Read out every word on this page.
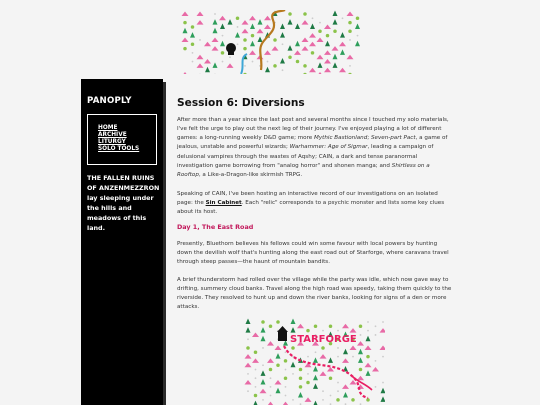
PANOPLY
HOME
ARCHIVE
LITURGY
SOLO TOOLS
THE FALLEN RUINS OF ANZENMEZZRON lay sleeping under the hills and meadows of this land.
Session 6: Diversions

After more than a year since the last post and several months since I touched my solo materials, I've felt the urge to play out the next leg of their journey. I've enjoyed playing a lot of different games: a long-running weekly D&D game; more Mythic Bastionland; Seven-part Pact, a game of jealous, unstable and powerful wizards; Warhammer: Age of Sigmar, leading a campaign of delusional vampires through the wastes of Aqshy; CAIN, a dark and tense paranormal investigation game borrowing from "analog horror" and shonen manga; and Shirtless on a Rooftop, a Like-a-Dragon-like skirmish TRPG.

Speaking of CAIN, I've been hosting an interactive record of our investigations on an isolated page: the Sin Cabinet. Each "relic" corresponds to a psychic monster and lists some key clues about its host.

Day 1, The East Road

Presently, Bluethorn believes his fellows could win some favour with local powers by hunting down the devilish wolf that's hunting along the east road out of Starforge, where caravans travel through steep passes—the haunt of mountain bandits.

A brief thunderstorm had rolled over the village while the party was idle, which now gave way to drifting, summery cloud banks. Travel along the high road was speedy, taking them quickly to the riverside. They resolved to hunt up and down the river banks, looking for signs of a den or more attacks.

STARFORGE
